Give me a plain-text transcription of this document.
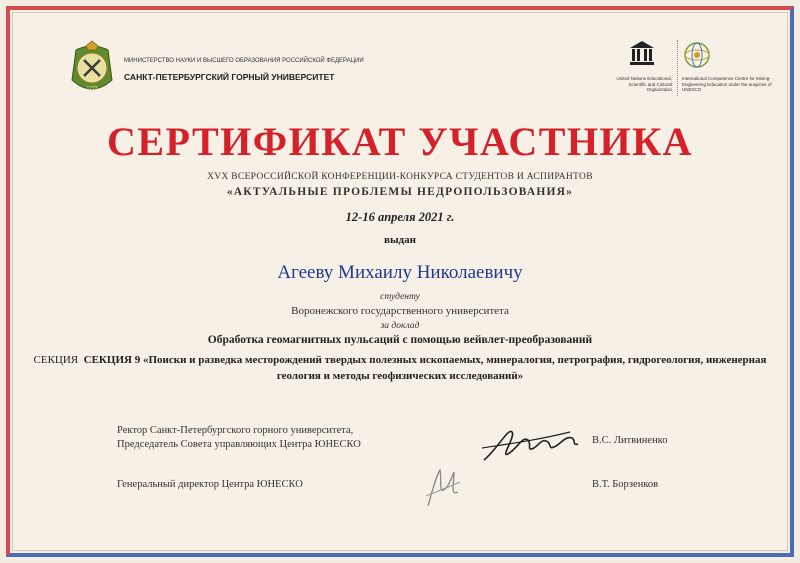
1773
МИНИСТЕРСТВО НАУКИ И ВЫСШЕГО ОБРАЗОВАНИЯ РОССИЙСКОЙ ФЕДЕРАЦИИ
САНКТ-ПЕТЕРБУРГСКИЙ ГОРНЫЙ УНИВЕРСИТЕТ	United Nations Educational, Scientific and Cultural Organization
International Competence Centre for Mining-Engineering Education under the auspices of UNESCO
СЕРТИФИКАТ УЧАСТНИКА
XVX ВСЕРОССИЙСКОЙ КОНФЕРЕНЦИИ-КОНКУРСА СТУДЕНТОВ И АСПИРАНТОВ
«АКТУАЛЬНЫЕ ПРОБЛЕМЫ НЕДРОПОЛЬЗОВАНИЯ»
12-16 апреля 2021 г.
выдан
Агееву Михаилу Николаевичу
студенту
Воронежского государственного университета
за доклад
Обработка геомагнитных пульсаций с помощью вейвлет-преобразований
СЕКЦИЯ СЕКЦИЯ 9 «Поиски и разведка месторождений твердых полезных ископаемых, минералогия, петрография, гидрогеология, инженерная геология и методы геофизических исследований»
Ректор Санкт-Петербургского горного университета,
Председатель Совета управляющих Центра ЮНЕСКО	В.С. Литвиненко
Генеральный директор Центра ЮНЕСКО	В.Т. Борзенков
